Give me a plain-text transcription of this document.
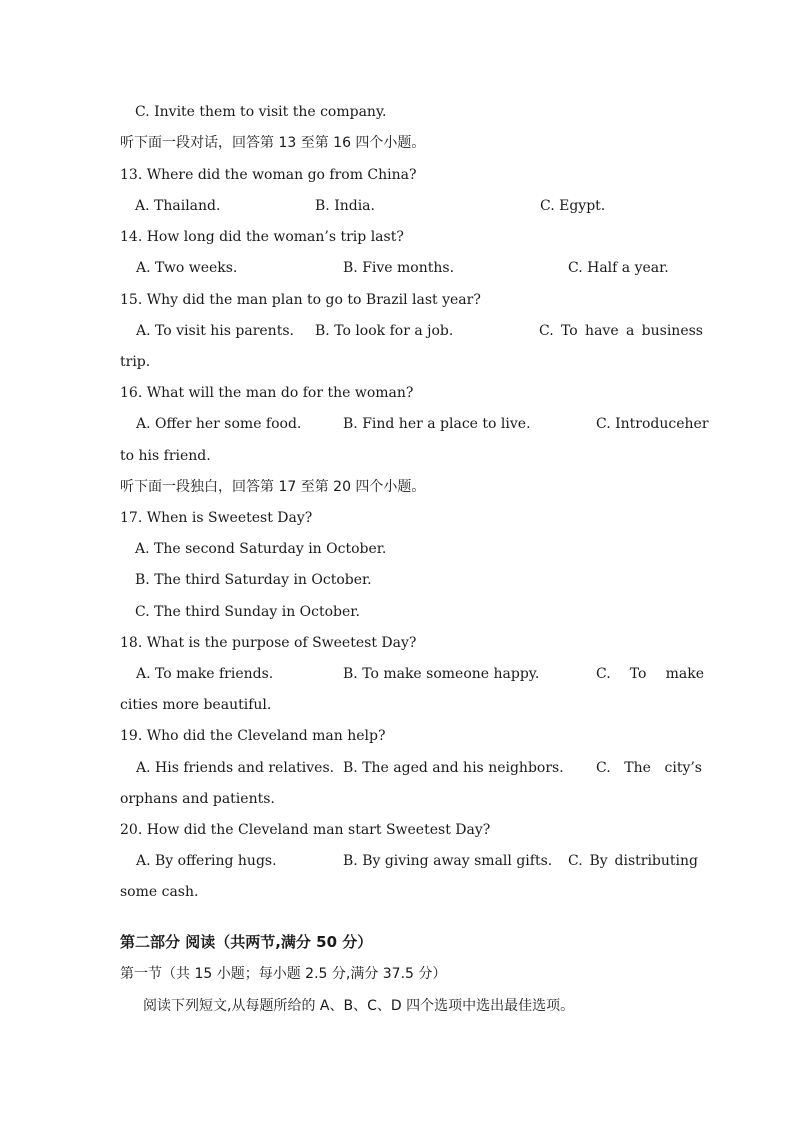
C. Invite them to visit the company.
听下面一段对话，回答第 13 至第 16 四个小题。
13. Where did the woman go from China?
A. Thailand.	B. India.	C. Egypt.
14. How long did the woman’s trip last?
A. Two weeks.	B. Five months.	C. Half a year.
15. Why did the man plan to go to Brazil last year?
A. To visit his parents. B. To look for a job.	C. To have a business
trip.
16. What will the man do for the woman?
A. Offer her some food.	B. Find her a place to live.	C. Introduce her
to his friend.
听下面一段独白，回答第 17 至第 20 四个小题。
17. When is Sweetest Day?
A. The second Saturday in October.
B. The third Saturday in October.
C. The third Sunday in October.
18. What is the purpose of Sweetest Day?
A. To make friends.	B. To make someone happy.	C. To make
cities more beautiful.
19. Who did the Cleveland man help?
A. His friends and relatives. B. The aged and his neighbors. C. The city’s
orphans and patients.
20. How did the Cleveland man start Sweetest Day?
A. By offering hugs.	B. By giving away small gifts. C. By distributing
some cash.
第二部分 阅读（共两节,满分 50 分）
第一节（共 15 小题；每小题 2.5 分,满分 37.5 分）
阅读下列短文,从每题所给的 A、B、C、D 四个选项中选出最佳选项。
